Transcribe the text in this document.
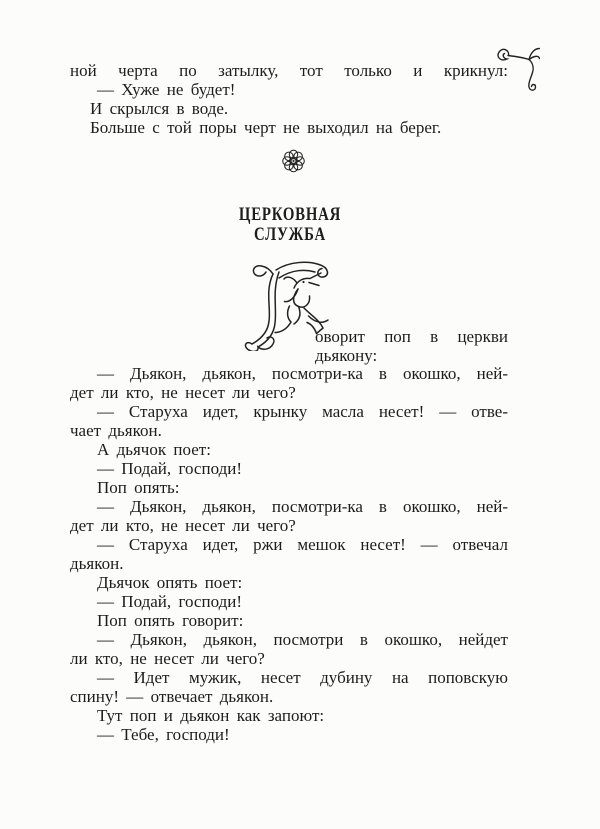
ной черта по затылку, тот только и крикнул:
— Хуже не будет!
И скрылся в воде.
Больше с той поры черт не выходил на берег.
ЦЕРКОВНАЯ
СЛУЖБА
оворит поп в церкви
дьякону:
— Дьякон, дьякон, посмотри-ка в окошко, ней-
дет ли кто, не несет ли чего?
— Старуха идет, крынку масла несет! — отве-
чает дьякон.
А дьячок поет:
— Подай, господи!
Поп опять:
— Дьякон, дьякон, посмотри-ка в окошко, ней-
дет ли кто, не несет ли чего?
— Старуха идет, ржи мешок несет! — отвечал
дьякон.
Дьячок опять поет:
— Подай, господи!
Поп опять говорит:
— Дьякон, дьякон, посмотри в окошко, нейдет
ли кто, не несет ли чего?
— Идет мужик, несет дубину на поповскую
спину! — отвечает дьякон.
Тут поп и дьякон как запоют:
— Тебе, господи!
